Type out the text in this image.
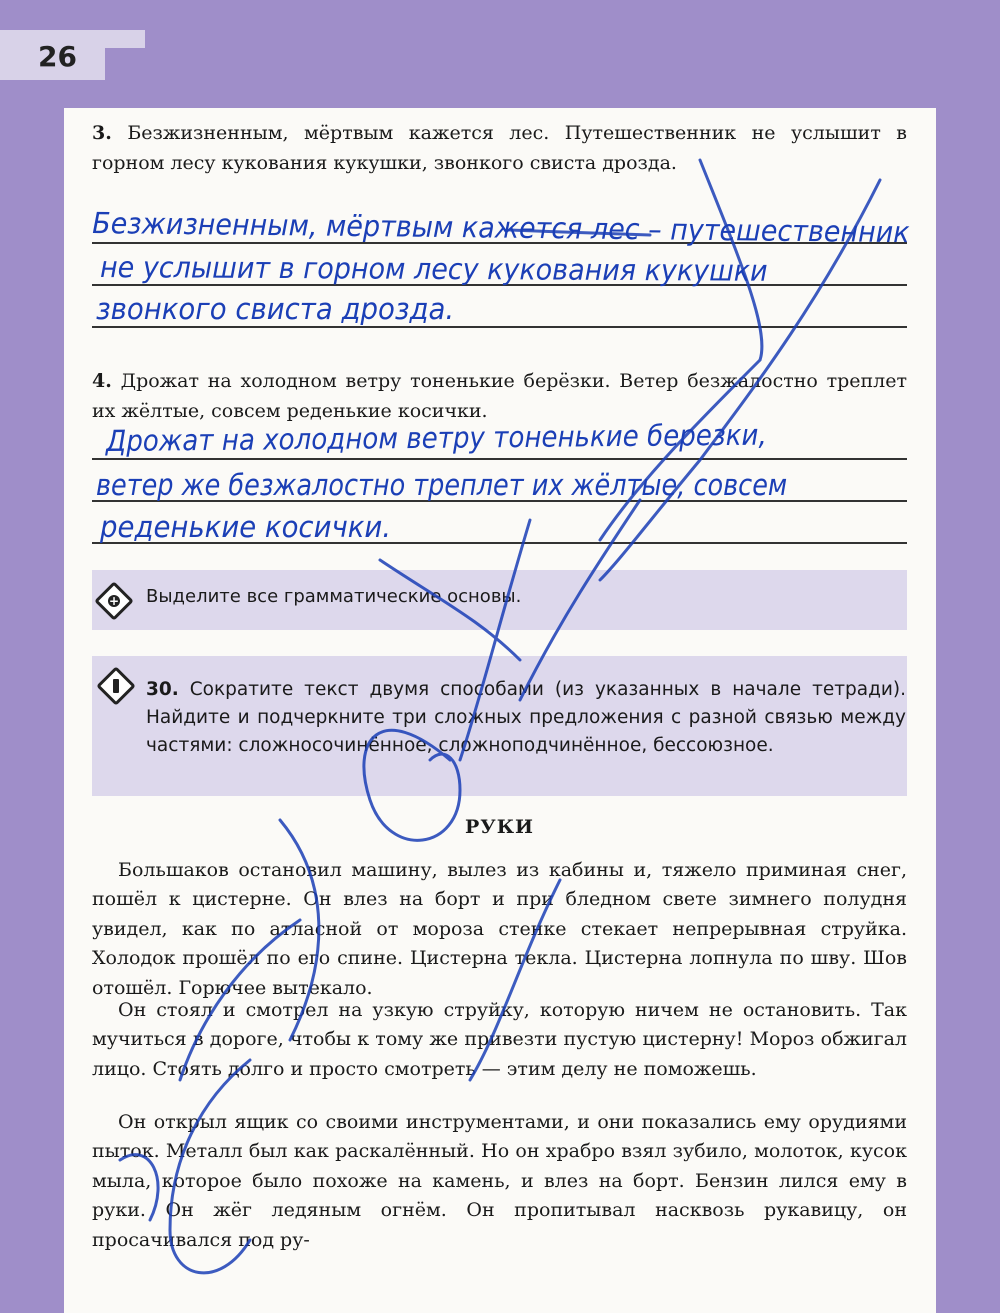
26
3. Безжизненным, мёртвым кажется лес. Путешественник не услышит в горном лесу кукования кукушки, звонкого свиста дрозда.
Безжизненным, мёртвым кажется лес – путешественник
не услышит в горном лесу кукования кукушки
звонкого свиста дрозда.
4. Дрожат на холодном ветру тоненькие берёзки. Ветер безжалостно треплет их жёлтые, совсем реденькие косички.
Дрожат на холодном ветру тоненькие березки,
ветер же безжалостно треплет их жёлтые, совсем
реденькие косички.
+ Выделите все грамматические основы.
30. Сократите текст двумя способами (из указанных в начале тетради). Найдите и подчеркните три сложных предложения с разной связью между частями: сложносочинённое, сложноподчинённое, бессоюзное.
РУКИ
Большаков остановил машину, вылез из кабины и, тяжело приминая снег, пошёл к цистерне. Он влез на борт и при бледном свете зимнего полудня увидел, как по атласной от мороза стенке стекает непрерывная струйка. Холодок прошёл по его спине. Цистерна текла. Цистерна лопнула по шву. Шов отошёл. Горючее вытекало.
Он стоял и смотрел на узкую струйку, которую ничем не остановить. Так мучиться в дороге, чтобы к тому же привезти пустую цистерну! Мороз обжигал лицо. Стоять долго и просто смотреть — этим делу не поможешь.
Он открыл ящик со своими инструментами, и они показались ему орудиями пыток. Металл был как раскалённый. Но он храбро взял зубило, молоток, кусок мыла, которое было похоже на камень, и влез на борт. Бензин лился ему в руки. Он жёг ледяным огнём. Он пропитывал насквозь рукавицу, он просачивался под ру-
